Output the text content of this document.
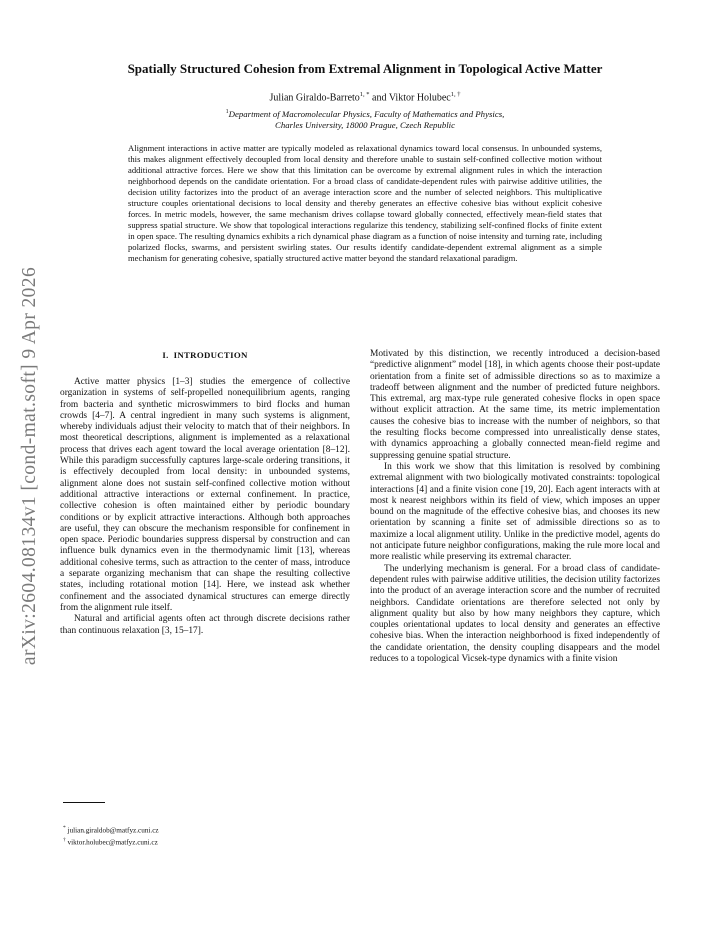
arXiv:2604.08134v1 [cond-mat.soft] 9 Apr 2026
Spatially Structured Cohesion from Extremal Alignment in Topological Active Matter
Julian Giraldo-Barreto$^{1, *}$ and Viktor Holubec$^{1, \dagger}$
$^1$Department of Macromolecular Physics, Faculty of Mathematics and Physics,
Charles University, 18000 Prague, Czech Republic

Alignment interactions in active matter are typically modeled as relaxational dynamics toward local consensus. In unbounded systems, this makes alignment effectively decoupled from local density and therefore unable to sustain self-confined collective motion without additional attractive forces. Here we show that this limitation can be overcome by extremal alignment rules in which the interaction neighborhood depends on the candidate orientation. For a broad class of candidate-dependent rules with pairwise additive utilities, the decision utility factorizes into the product of an average interaction score and the number of selected neighbors. This multiplicative structure couples orientational decisions to local density and thereby generates an effective cohesive bias without explicit cohesive forces. In metric models, however, the same mechanism drives collapse toward globally connected, effectively mean-field states that suppress spatial structure. We show that topological interactions regularize this tendency, stabilizing self-confined flocks of finite extent in open space. The resulting dynamics exhibits a rich dynamical phase diagram as a function of noise intensity and turning rate, including polarized flocks, swarms, and persistent swirling states. Our results identify candidate-dependent extremal alignment as a simple mechanism for generating cohesive, spatially structured active matter beyond the standard relaxational paradigm.

I. INTRODUCTION

Active matter physics [1–3] studies the emergence of collective organization in systems of self-propelled nonequilibrium agents, ranging from bacteria and synthetic microswimmers to bird flocks and human crowds [4–7]. A central ingredient in many such systems is alignment, whereby individuals adjust their velocity to match that of their neighbors. In most theoretical descriptions, alignment is implemented as a relaxational process that drives each agent toward the local average orientation [8–12]. While this paradigm successfully captures large-scale ordering transitions, it is effectively decoupled from local density: in unbounded systems, alignment alone does not sustain self-confined collective motion without additional attractive interactions or external confinement. In practice, collective cohesion is often maintained either by periodic boundary conditions or by explicit attractive interactions. Although both approaches are useful, they can obscure the mechanism responsible for confinement in open space. Periodic boundaries suppress dispersal by construction and can influence bulk dynamics even in the thermodynamic limit [13], whereas additional cohesive terms, such as attraction to the center of mass, introduce a separate organizing mechanism that can shape the resulting collective states, including rotational motion [14]. Here, we instead ask whether confinement and the associated dynamical structures can emerge directly from the alignment rule itself.

Natural and artificial agents often act through discrete decisions rather than continuous relaxation [3, 15–17].

Motivated by this distinction, we recently introduced a decision-based “predictive alignment” model [18], in which agents choose their post-update orientation from a finite set of admissible directions so as to maximize a tradeoff between alignment and the number of predicted future neighbors. This extremal, arg max-type rule generated cohesive flocks in open space without explicit attraction. At the same time, its metric implementation causes the cohesive bias to increase with the number of neighbors, so that the resulting flocks become compressed into unrealistically dense states, with dynamics approaching a globally connected mean-field regime and suppressing genuine spatial structure.

In this work we show that this limitation is resolved by combining extremal alignment with two biologically motivated constraints: topological interactions [4] and a finite vision cone [19, 20]. Each agent interacts with at most k nearest neighbors within its field of view, which imposes an upper bound on the magnitude of the effective cohesive bias, and chooses its new orientation by scanning a finite set of admissible directions so as to maximize a local alignment utility. Unlike in the predictive model, agents do not anticipate future neighbor configurations, making the rule more local and more realistic while preserving its extremal character.

The underlying mechanism is general. For a broad class of candidate-dependent rules with pairwise additive utilities, the decision utility factorizes into the product of an average interaction score and the number of recruited neighbors. Candidate orientations are therefore selected not only by alignment quality but also by how many neighbors they capture, which couples orientational updates to local density and generates an effective cohesive bias. When the interaction neighborhood is fixed independently of the candidate orientation, the density coupling disappears and the model reduces to a topological Vicsek-type dynamics with a finite vision

* julian.giraldob@matfyz.cuni.cz
† viktor.holubec@matfyz.cuni.cz
